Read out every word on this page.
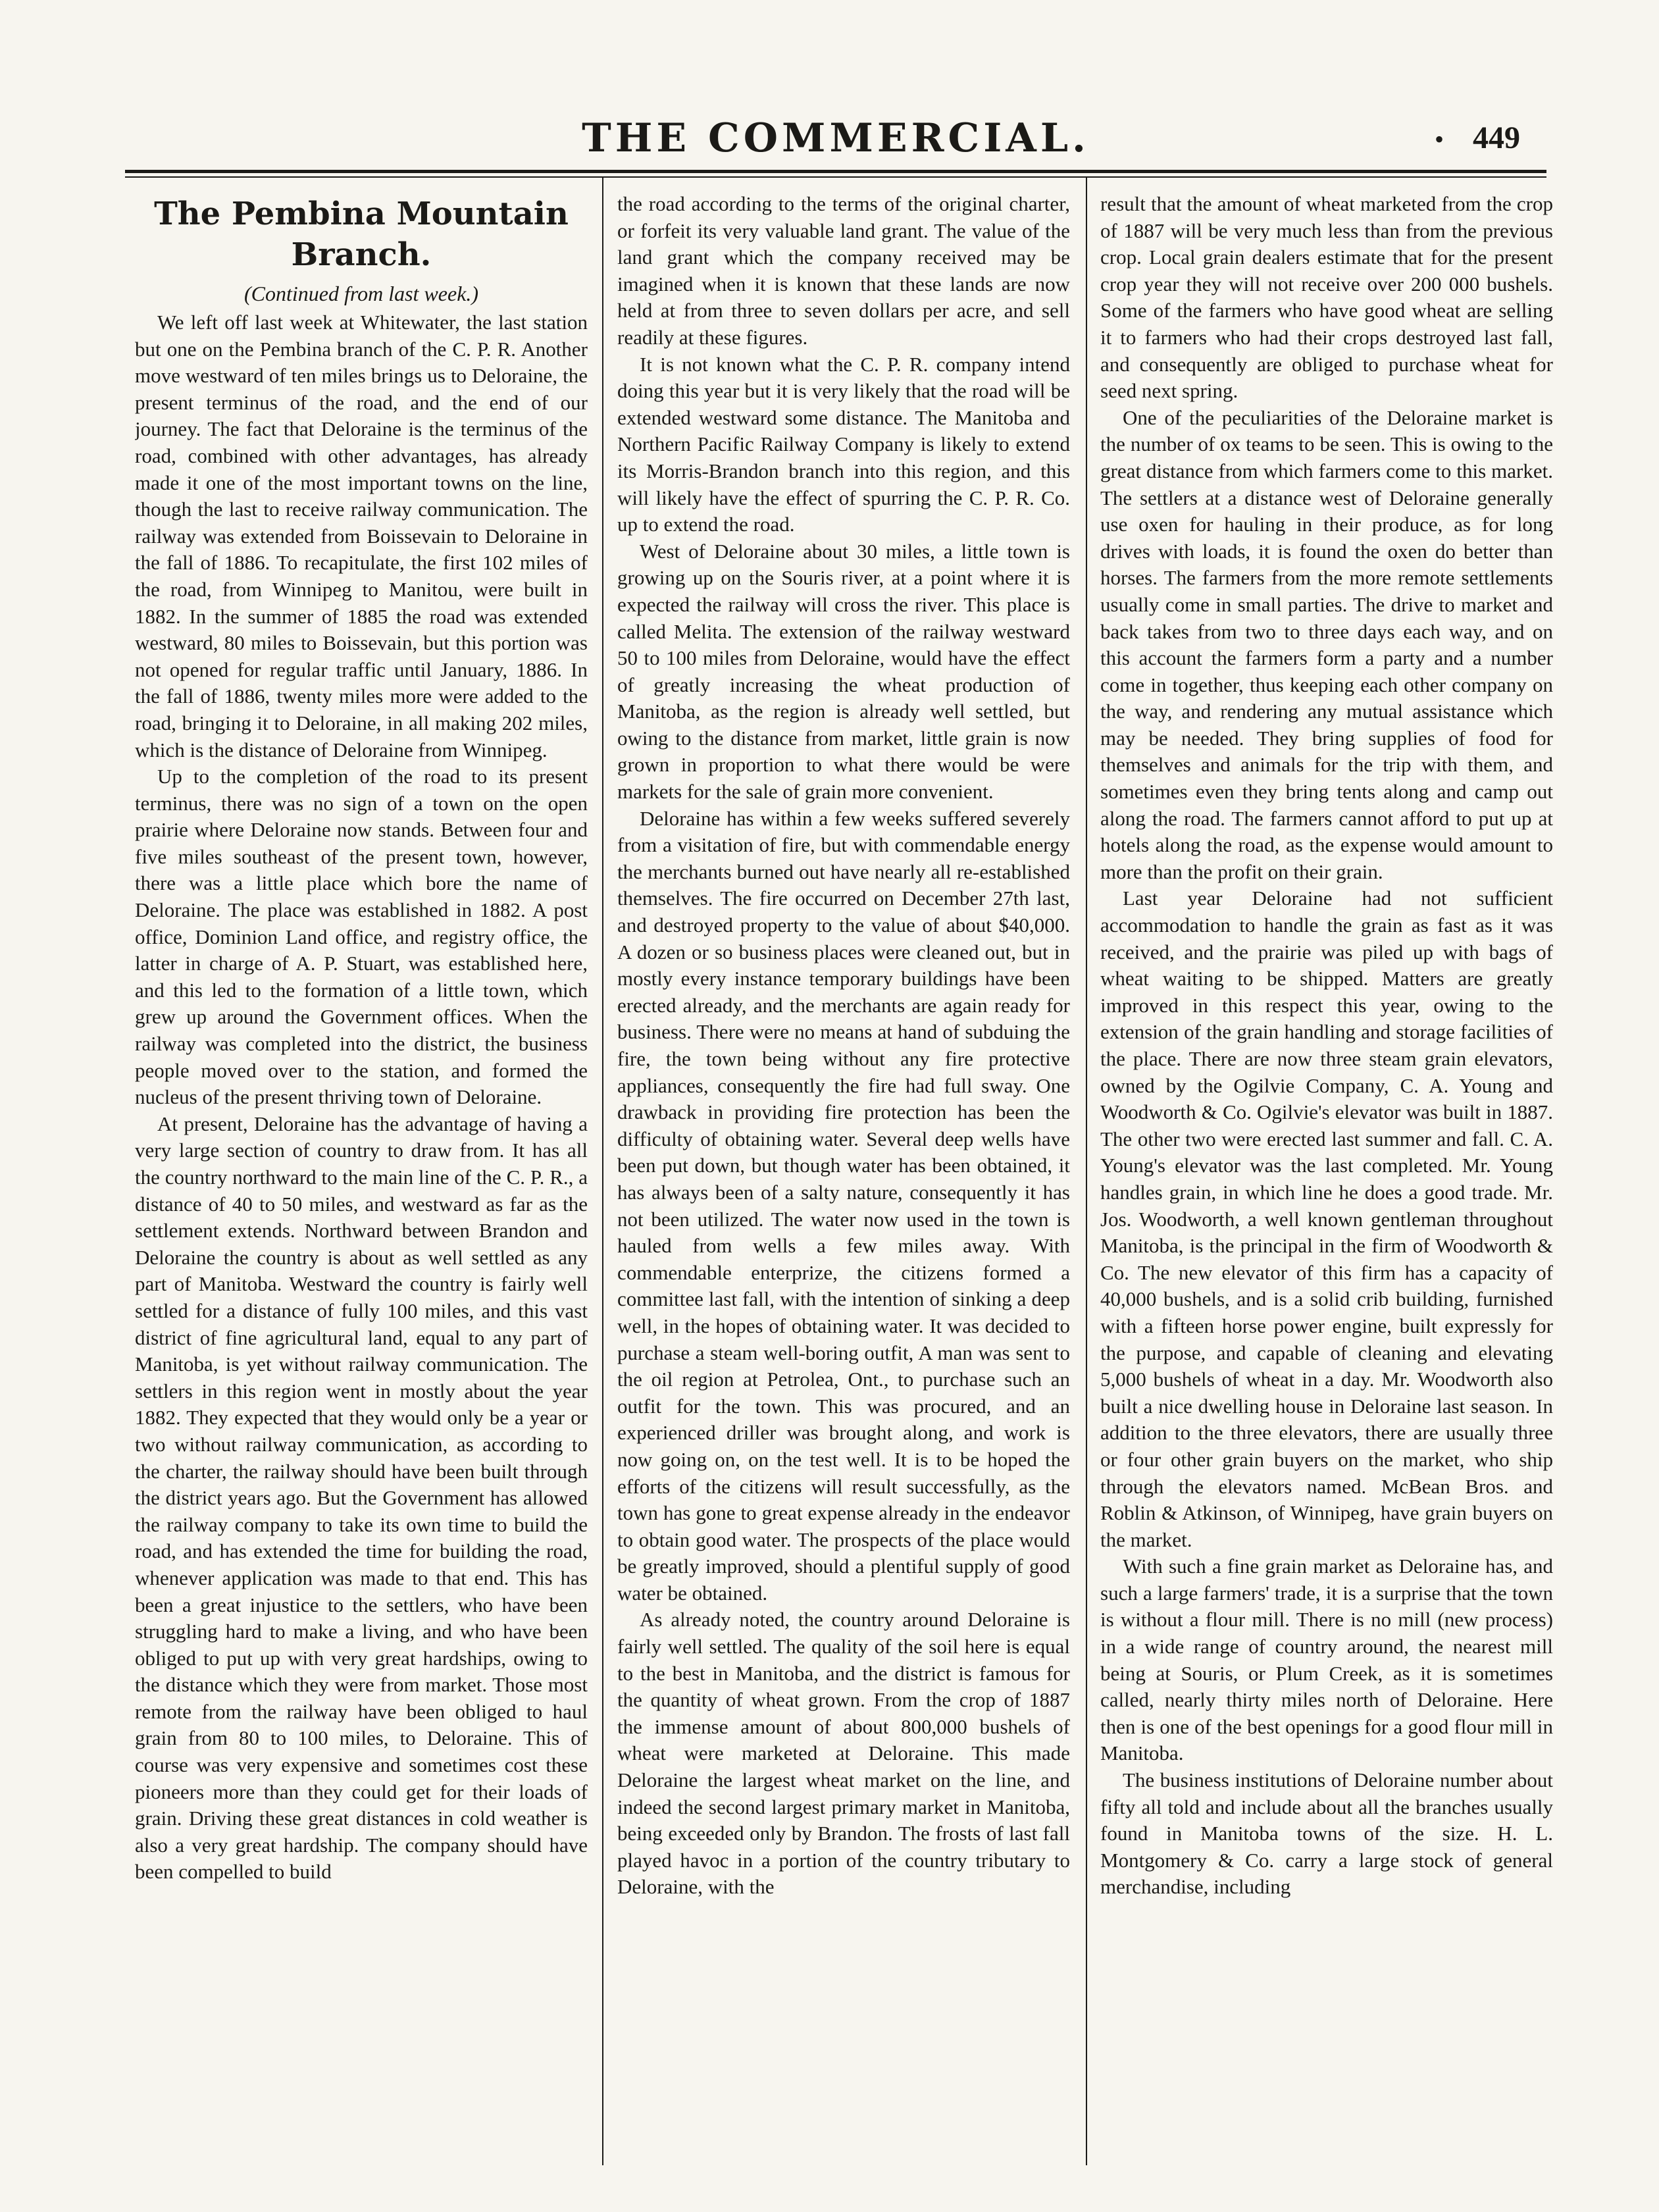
THE COMMERCIAL.	• 449
The Pembina Mountain Branch.
(Continued from last week.)

We left off last week at Whitewater, the last station but one on the Pembina branch of the C. P. R. Another move westward of ten miles brings us to Deloraine, the present terminus of the road, and the end of our journey. The fact that Deloraine is the terminus of the road, combined with other advantages, has already made it one of the most important towns on the line, though the last to receive railway communication. The railway was extended from Boissevain to Deloraine in the fall of 1886. To recapitulate, the first 102 miles of the road, from Winnipeg to Manitou, were built in 1882. In the summer of 1885 the road was extended westward, 80 miles to Boissevain, but this portion was not opened for regular traffic until January, 1886. In the fall of 1886, twenty miles more were added to the road, bringing it to Deloraine, in all making 202 miles, which is the distance of Deloraine from Winnipeg.

Up to the completion of the road to its present terminus, there was no sign of a town on the open prairie where Deloraine now stands. Between four and five miles southeast of the present town, however, there was a little place which bore the name of Deloraine. The place was established in 1882. A post office, Dominion Land office, and registry office, the latter in charge of A. P. Stuart, was established here, and this led to the formation of a little town, which grew up around the Government offices. When the railway was completed into the district, the business people moved over to the station, and formed the nucleus of the present thriving town of Deloraine.

At present, Deloraine has the advantage of having a very large section of country to draw from. It has all the country northward to the main line of the C. P. R., a distance of 40 to 50 miles, and westward as far as the settlement extends. Northward between Brandon and Deloraine the country is about as well settled as any part of Manitoba. Westward the country is fairly well settled for a distance of fully 100 miles, and this vast district of fine agricultural land, equal to any part of Manitoba, is yet without railway communication. The settlers in this region went in mostly about the year 1882. They expected that they would only be a year or two without railway communication, as according to the charter, the railway should have been built through the district years ago. But the Government has allowed the railway company to take its own time to build the road, and has extended the time for building the road, whenever application was made to that end. This has been a great injustice to the settlers, who have been struggling hard to make a living, and who have been obliged to put up with very great hardships, owing to the distance which they were from market. Those most remote from the railway have been obliged to haul grain from 80 to 100 miles, to Deloraine. This of course was very expensive and sometimes cost these pioneers more than they could get for their loads of grain. Driving these great distances in cold weather is also a very great hardship. The company should have been compelled to build

the road according to the terms of the original charter, or forfeit its very valuable land grant. The value of the land grant which the company received may be imagined when it is known that these lands are now held at from three to seven dollars per acre, and sell readily at these figures.

It is not known what the C. P. R. company intend doing this year but it is very likely that the road will be extended westward some distance. The Manitoba and Northern Pacific Railway Company is likely to extend its Morris-Brandon branch into this region, and this will likely have the effect of spurring the C. P. R. Co. up to extend the road.

West of Deloraine about 30 miles, a little town is growing up on the Souris river, at a point where it is expected the railway will cross the river. This place is called Melita. The extension of the railway westward 50 to 100 miles from Deloraine, would have the effect of greatly increasing the wheat production of Manitoba, as the region is already well settled, but owing to the distance from market, little grain is now grown in proportion to what there would be were markets for the sale of grain more convenient.

Deloraine has within a few weeks suffered severely from a visitation of fire, but with commendable energy the merchants burned out have nearly all re-established themselves. The fire occurred on December 27th last, and destroyed property to the value of about $40,000. A dozen or so business places were cleaned out, but in mostly every instance temporary buildings have been erected already, and the merchants are again ready for business. There were no means at hand of subduing the fire, the town being without any fire protective appliances, consequently the fire had full sway. One drawback in providing fire protection has been the difficulty of obtaining water. Several deep wells have been put down, but though water has been obtained, it has always been of a salty nature, consequently it has not been utilized. The water now used in the town is hauled from wells a few miles away. With commendable enterprize, the citizens formed a committee last fall, with the intention of sinking a deep well, in the hopes of obtaining water. It was decided to purchase a steam well-boring outfit, A man was sent to the oil region at Petrolea, Ont., to purchase such an outfit for the town. This was procured, and an experienced driller was brought along, and work is now going on, on the test well. It is to be hoped the efforts of the citizens will result successfully, as the town has gone to great expense already in the endeavor to obtain good water. The prospects of the place would be greatly improved, should a plentiful supply of good water be obtained.

As already noted, the country around Deloraine is fairly well settled. The quality of the soil here is equal to the best in Manitoba, and the district is famous for the quantity of wheat grown. From the crop of 1887 the immense amount of about 800,000 bushels of wheat were marketed at Deloraine. This made Deloraine the largest wheat market on the line, and indeed the second largest primary market in Manitoba, being exceeded only by Brandon. The frosts of last fall played havoc in a portion of the country tributary to Deloraine, with the

result that the amount of wheat marketed from the crop of 1887 will be very much less than from the previous crop. Local grain dealers estimate that for the present crop year they will not receive over 200 000 bushels. Some of the farmers who have good wheat are selling it to farmers who had their crops destroyed last fall, and consequently are obliged to purchase wheat for seed next spring.

One of the peculiarities of the Deloraine market is the number of ox teams to be seen. This is owing to the great distance from which farmers come to this market. The settlers at a distance west of Deloraine generally use oxen for hauling in their produce, as for long drives with loads, it is found the oxen do better than horses. The farmers from the more remote settlements usually come in small parties. The drive to market and back takes from two to three days each way, and on this account the farmers form a party and a number come in together, thus keeping each other company on the way, and rendering any mutual assistance which may be needed. They bring supplies of food for themselves and animals for the trip with them, and sometimes even they bring tents along and camp out along the road. The farmers cannot afford to put up at hotels along the road, as the expense would amount to more than the profit on their grain.

Last year Deloraine had not sufficient accommodation to handle the grain as fast as it was received, and the prairie was piled up with bags of wheat waiting to be shipped. Matters are greatly improved in this respect this year, owing to the extension of the grain handling and storage facilities of the place. There are now three steam grain elevators, owned by the Ogilvie Company, C. A. Young and Woodworth & Co. Ogilvie's elevator was built in 1887. The other two were erected last summer and fall. C. A. Young's elevator was the last completed. Mr. Young handles grain, in which line he does a good trade. Mr. Jos. Woodworth, a well known gentleman throughout Manitoba, is the principal in the firm of Woodworth & Co. The new elevator of this firm has a capacity of 40,000 bushels, and is a solid crib building, furnished with a fifteen horse power engine, built expressly for the purpose, and capable of cleaning and elevating 5,000 bushels of wheat in a day. Mr. Woodworth also built a nice dwelling house in Deloraine last season. In addition to the three elevators, there are usually three or four other grain buyers on the market, who ship through the elevators named. McBean Bros. and Roblin & Atkinson, of Winnipeg, have grain buyers on the market.

With such a fine grain market as Deloraine has, and such a large farmers' trade, it is a surprise that the town is without a flour mill. There is no mill (new process) in a wide range of country around, the nearest mill being at Souris, or Plum Creek, as it is sometimes called, nearly thirty miles north of Deloraine. Here then is one of the best openings for a good flour mill in Manitoba.

The business institutions of Deloraine number about fifty all told and include about all the branches usually found in Manitoba towns of the size. H. L. Montgomery & Co. carry a large stock of general merchandise, including
